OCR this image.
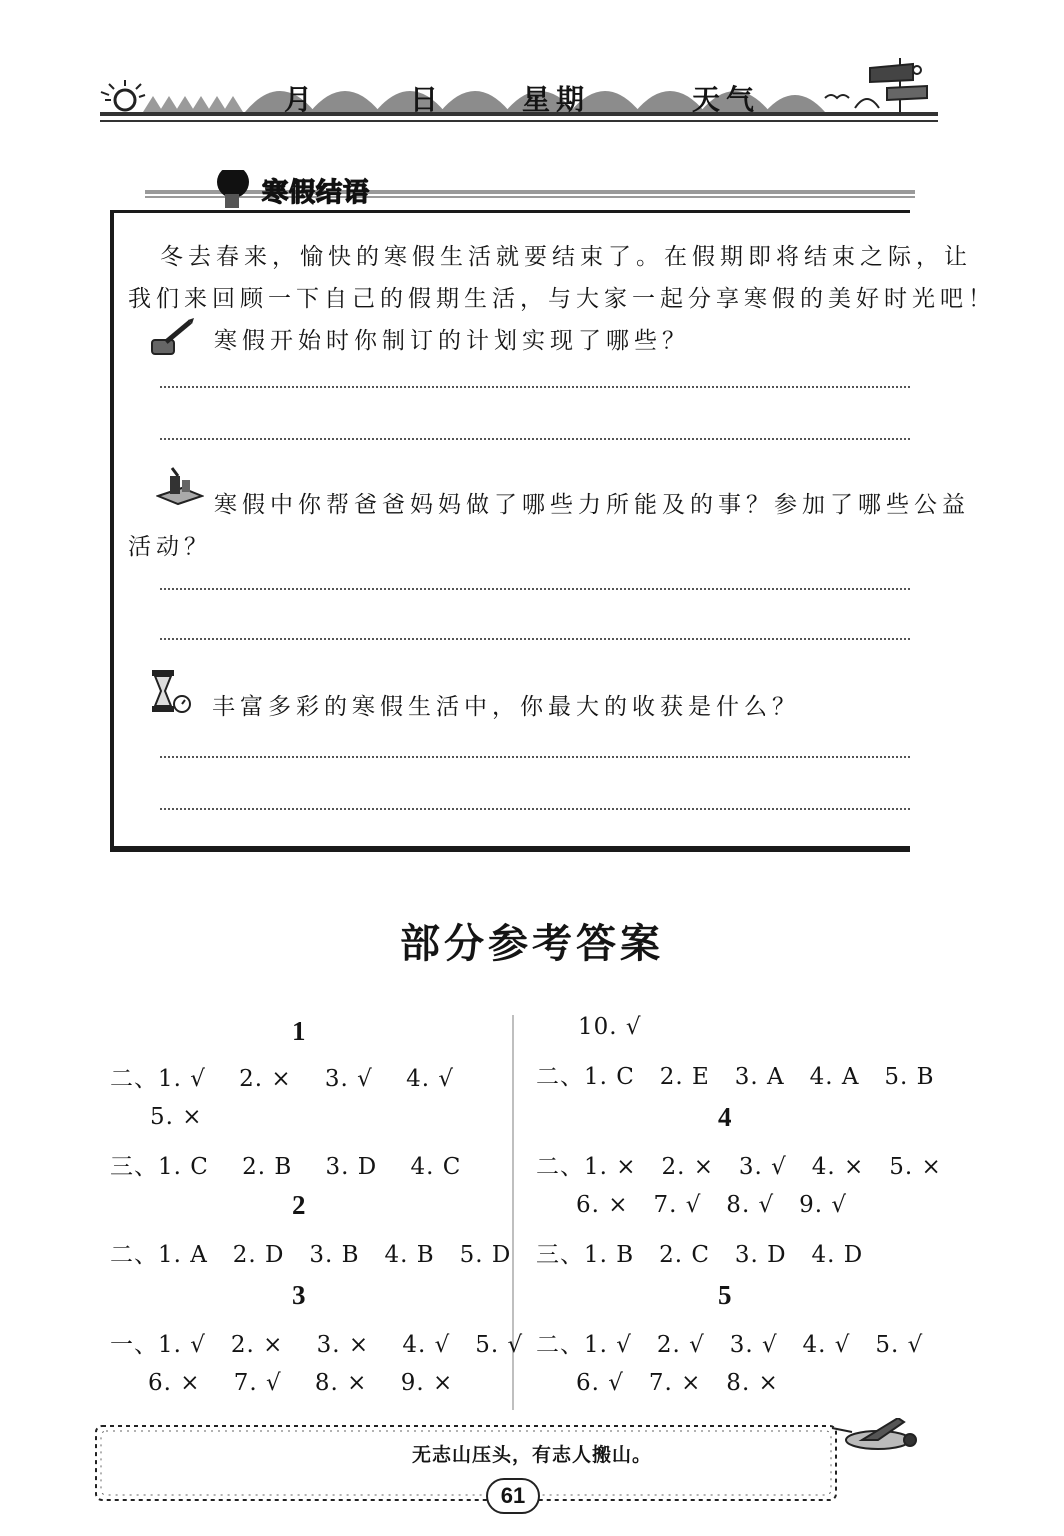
月	日	星期	天气
寒假结语
冬去春来，愉快的寒假生活就要结束了。在假期即将结束之际，让
我们来回顾一下自己的假期生活，与大家一起分享寒假的美好时光吧！
寒假开始时你制订的计划实现了哪些？
寒假中你帮爸爸妈妈做了哪些力所能及的事？参加了哪些公益
活动？
丰富多彩的寒假生活中，你最大的收获是什么？
部分参考答案
1
二、1. √    2. ×    3. √    4. √
5. ×
三、1. C    2. B    3. D    4. C
2
二、1. A   2. D   3. B   4. B   5. D
3
一、1. √   2. ×    3. ×    4. √   5. √
6. ×    7. √    8. ×    9. ×
10. √
二、1. C   2. E   3. A   4. A   5. B
4
二、1. ×   2. ×   3. √   4. ×   5. ×
6. ×   7. √   8. √   9. √
三、1. B   2. C   3. D   4. D
5
二、1. √   2. √   3. √   4. √   5. √
6. √   7. ×   8. ×
无志山压头，有志人搬山。
61
